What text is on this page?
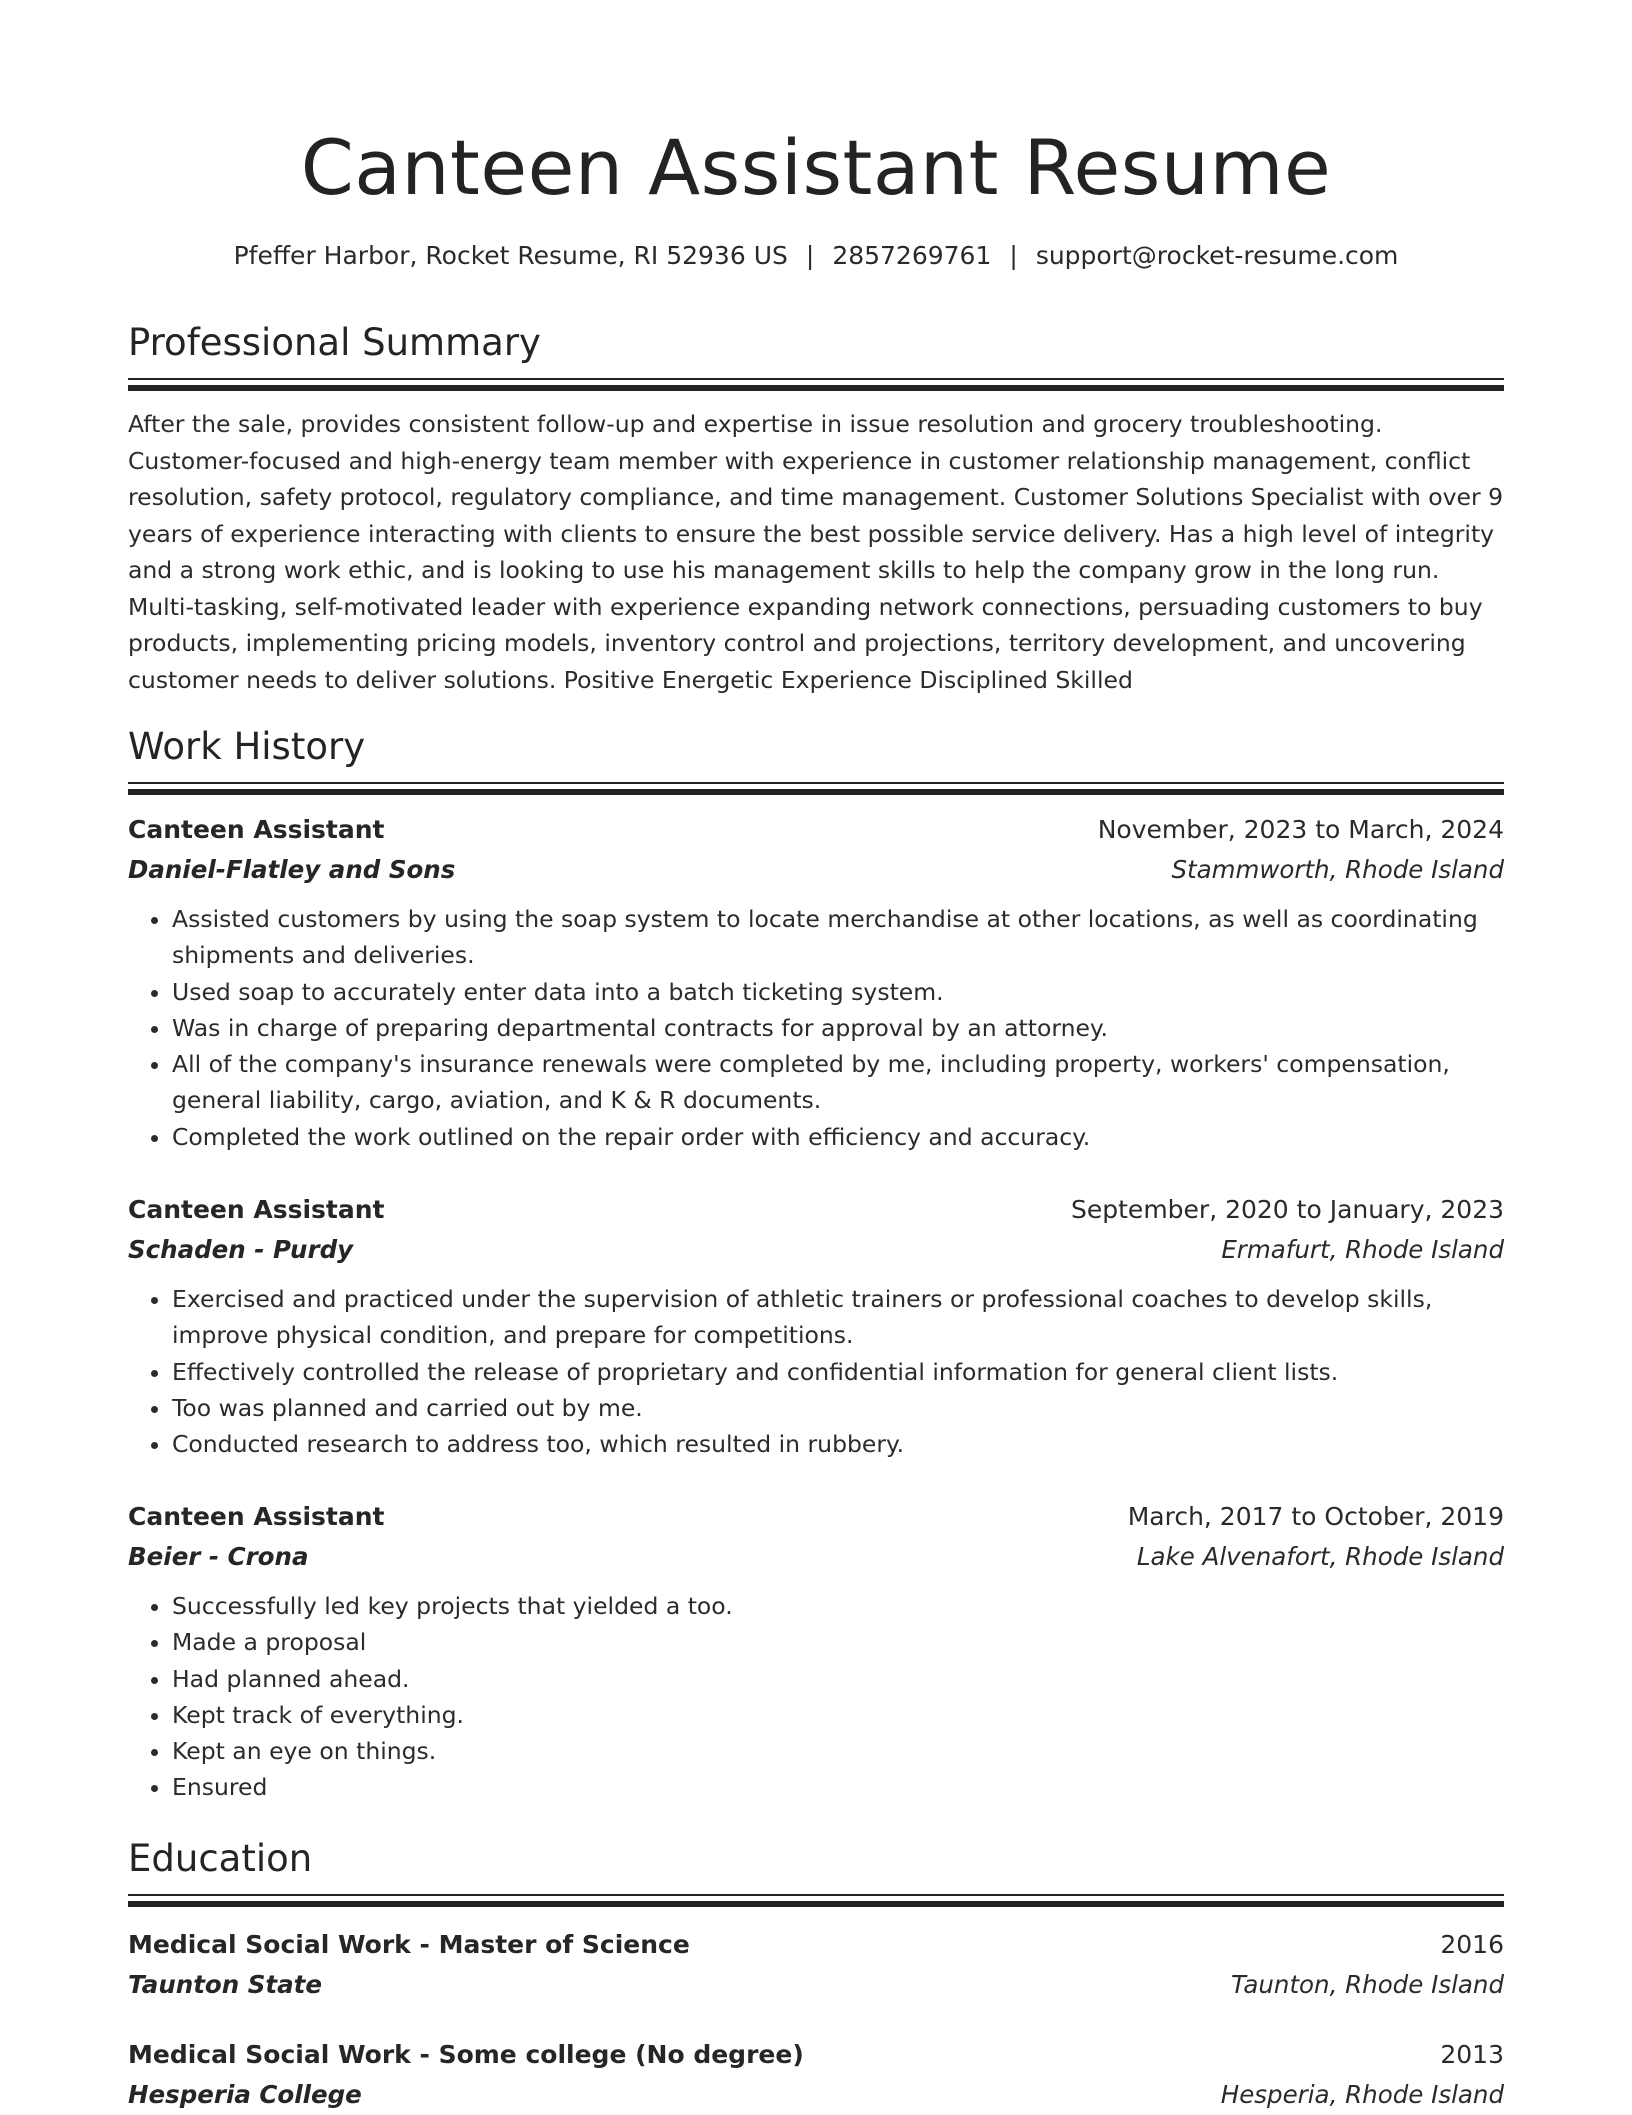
Canteen Assistant Resume
Pfeffer Harbor, Rocket Resume, RI 52936 US | 2857269761 | support@rocket-resume.com
Professional Summary

After the sale, provides consistent follow-up and expertise in issue resolution and grocery troubleshooting. Customer-focused and high-energy team member with experience in customer relationship management, conflict resolution, safety protocol, regulatory compliance, and time management. Customer Solutions Specialist with over 9 years of experience interacting with clients to ensure the best possible service delivery. Has a high level of integrity and a strong work ethic, and is looking to use his management skills to help the company grow in the long run. Multi-tasking, self-motivated leader with experience expanding network connections, persuading customers to buy products, implementing pricing models, inventory control and projections, territory development, and uncovering customer needs to deliver solutions. Positive Energetic Experience Disciplined Skilled

Work History
Canteen Assistant	November, 2023 to March, 2024
Daniel-Flatley and Sons	Stammworth, Rhode Island
• Assisted customers by using the soap system to locate merchandise at other locations, as well as coordinating shipments and deliveries.
• Used soap to accurately enter data into a batch ticketing system.
• Was in charge of preparing departmental contracts for approval by an attorney.
• All of the company's insurance renewals were completed by me, including property, workers' compensation, general liability, cargo, aviation, and K & R documents.
• Completed the work outlined on the repair order with efficiency and accuracy.
Canteen Assistant	September, 2020 to January, 2023
Schaden - Purdy	Ermafurt, Rhode Island
• Exercised and practiced under the supervision of athletic trainers or professional coaches to develop skills, improve physical condition, and prepare for competitions.
• Effectively controlled the release of proprietary and confidential information for general client lists.
• Too was planned and carried out by me.
• Conducted research to address too, which resulted in rubbery.
Canteen Assistant	March, 2017 to October, 2019
Beier - Crona	Lake Alvenafort, Rhode Island
• Successfully led key projects that yielded a too.
• Made a proposal
• Had planned ahead.
• Kept track of everything.
• Kept an eye on things.
• Ensured
Education
Medical Social Work - Master of Science	2016
Taunton State	Taunton, Rhode Island
Medical Social Work - Some college (No degree)	2013
Hesperia College	Hesperia, Rhode Island
